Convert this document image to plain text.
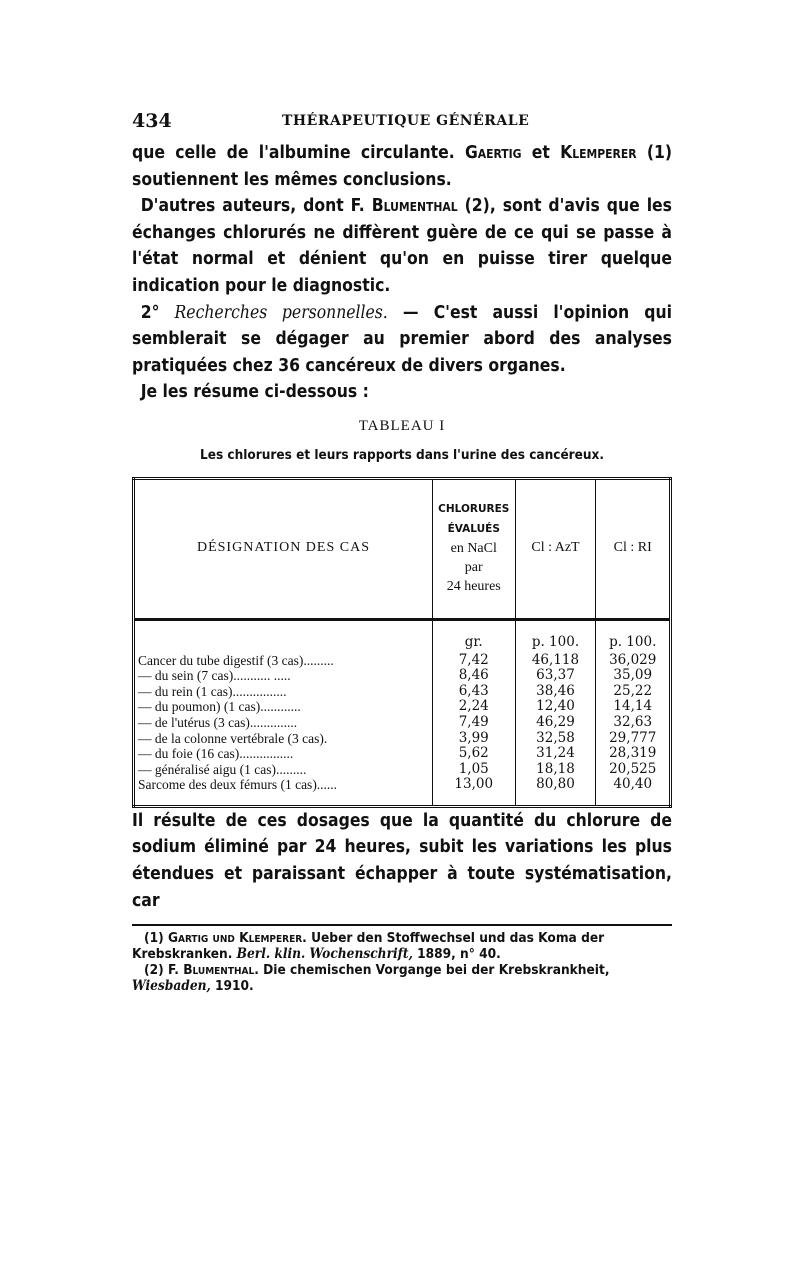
434	THÉRAPEUTIQUE GÉNÉRALE

que celle de l'albumine circulante. Gaertig et Klemperer (1) soutiennent les mêmes conclusions.

D'autres auteurs, dont F. Blumenthal (2), sont d'avis que les échanges chlorurés ne diffèrent guère de ce qui se passe à l'état normal et dénient qu'on en puisse tirer quelque indication pour le diagnostic.

2° Recherches personnelles. — C'est aussi l'opinion qui semblerait se dégager au premier abord des analyses pratiquées chez 36 cancéreux de divers organes.

Je les résume ci-dessous :

TABLEAU I
Les chlorures et leurs rapports dans l'urine des cancéreux.
DÉSIGNATION DES CAS	CHLORURES
ÉVALUÉS
en NaCl
par
24 heures	Cl : AzT	Cl : RI
	gr.	p. 100.	p. 100.
Cancer du tube digestif (3 cas).........	7,42	46,118	36,029
— du sein (7 cas)........... .....	8,46	63,37	35,09
— du rein (1 cas)................	6,43	38,46	25,22
— du poumon) (1 cas)............	2,24	12,40	14,14
— de l'utérus (3 cas)..............	7,49	46,29	32,63
— de la colonne vertébrale (3 cas).	3,99	32,58	29,777
— du foie (16 cas)................	5,62	31,24	28,319
— généralisé aigu (1 cas).........	1,05	18,18	20,525
Sarcome des deux fémurs (1 cas)......	13,00	80,80	40,40

Il résulte de ces dosages que la quantité du chlorure de sodium éliminé par 24 heures, subit les variations les plus étendues et paraissant échapper à toute systématisation, car

(1) Gartig und Klemperer. Ueber den Stoffwechsel und das Koma der Krebskranken. Berl. klin. Wochenschrift, 1889, n° 40.

(2) F. Blumenthal. Die chemischen Vorgange bei der Krebskrankheit, Wiesbaden, 1910.
